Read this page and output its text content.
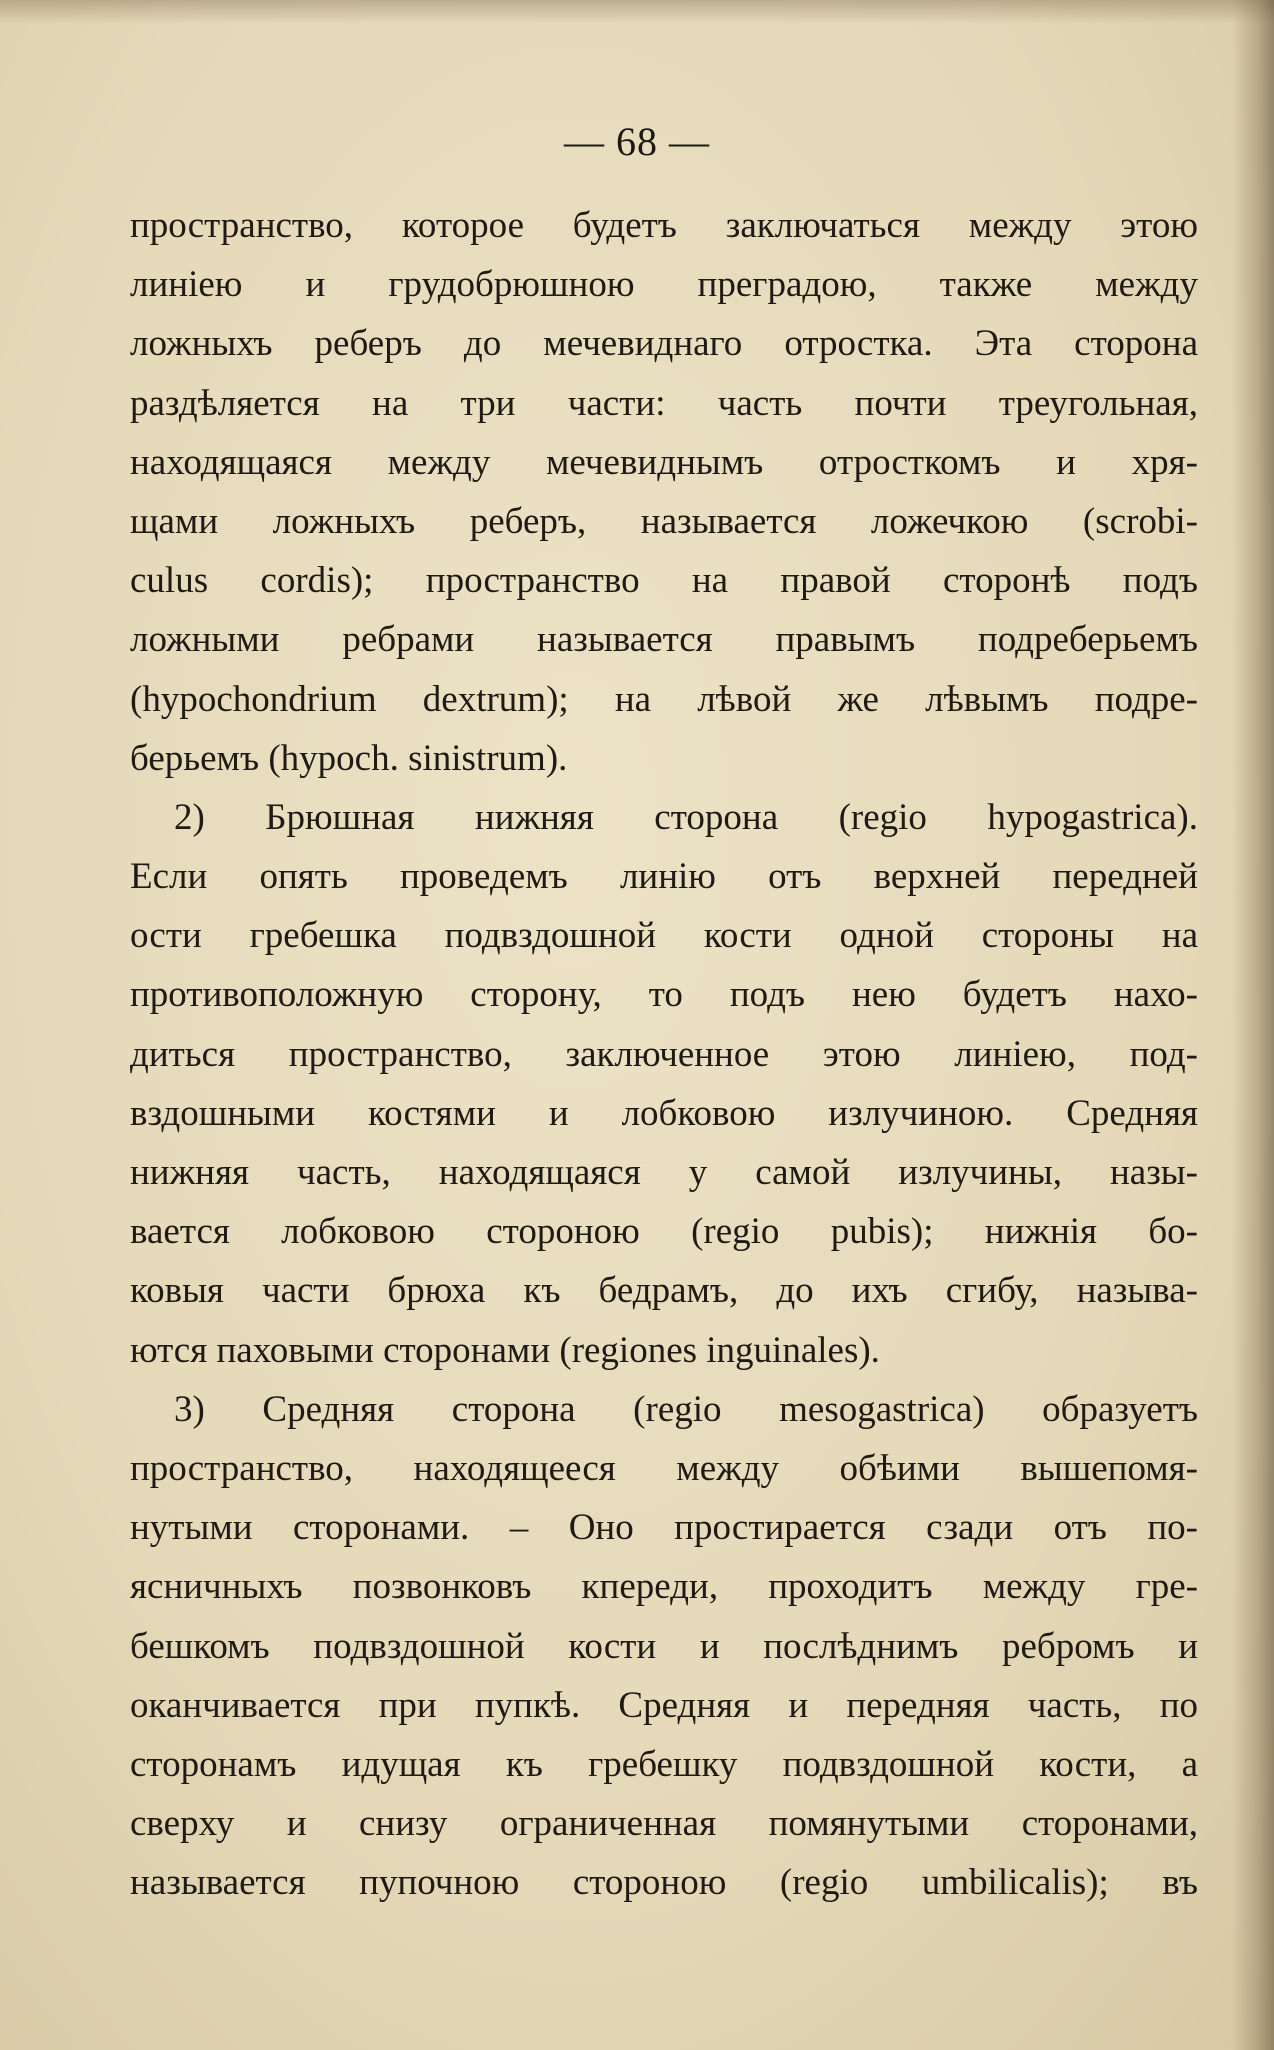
— 68 —
пространство, которое будетъ заключаться между этою
линiею и грудобрюшною преградою, также между
ложныхъ реберъ до мечевиднаго отростка. Эта сторона
раздѣляется на три части: часть почти треугольная,
находящаяся между мечевиднымъ отросткомъ и хря-
щами ложныхъ реберъ, называется ложечкою (scrobi-
culus cordis); пространство на правой сторонѣ подъ
ложными ребрами называется правымъ подреберьемъ
(hypochondrium dextrum); на лѣвой же лѣвымъ подре-
берьемъ (hypoch. sinistrum).
2) Брюшная нижняя сторона (regio hypogastrica).
Если опять проведемъ линiю отъ верхней передней
ости гребешка подвздошной кости одной стороны на
противоположную сторону, то подъ нею будетъ нахо-
диться пространство, заключенное этою линiею, под-
вздошными костями и лобковою излучиною. Средняя
нижняя часть, находящаяся у самой излучины, назы-
вается лобковою стороною (regio pubis); нижнiя бо-
ковыя части брюха къ бедрамъ, до ихъ сгибу, называ-
ются паховыми сторонами (regiones inguinales).
3) Средняя сторона (regio mesogastrica) образуетъ
пространство, находящееся между обѣими вышепомя-
нутыми сторонами. – Оно простирается сзади отъ по-
ясничныхъ позвонковъ кпереди, проходитъ между гре-
бешкомъ подвздошной кости и послѣднимъ ребромъ и
оканчивается при пупкѣ. Средняя и передняя часть, по
сторонамъ идущая къ гребешку подвздошной кости, а
сверху и снизу ограниченная помянутыми сторонами,
называется пупочною стороною (regio umbilicalis); въ
